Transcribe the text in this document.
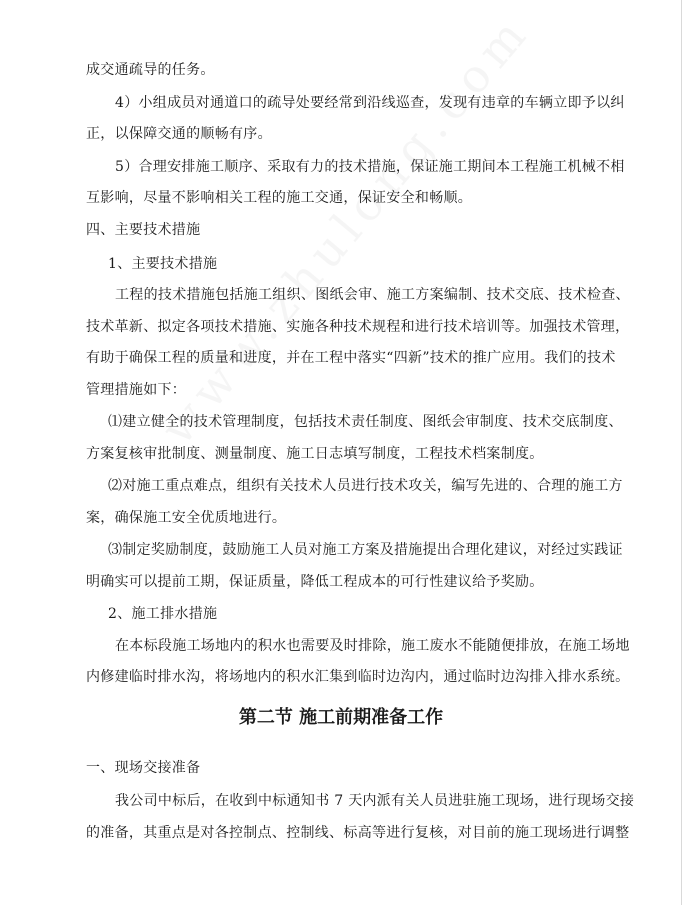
成交通疏导的任务。
4）小组成员对通道口的疏导处要经常到沿线巡查，发现有违章的车辆立即予以纠
正，以保障交通的顺畅有序。
5）合理安排施工顺序、采取有力的技术措施，保证施工期间本工程施工机械不相
互影响，尽量不影响相关工程的施工交通，保证安全和畅顺。
四、主要技术措施
1、主要技术措施
工程的技术措施包括施工组织、图纸会审、施工方案编制、技术交底、技术检查、
技术革新、拟定各项技术措施、实施各种技术规程和进行技术培训等。加强技术管理，
有助于确保工程的质量和进度，并在工程中落实“四新”技术的推广应用。我们的技术
管理措施如下：
⑴建立健全的技术管理制度，包括技术责任制度、图纸会审制度、技术交底制度、
方案复核审批制度、测量制度、施工日志填写制度，工程技术档案制度。
⑵对施工重点难点，组织有关技术人员进行技术攻关，编写先进的、合理的施工方
案，确保施工安全优质地进行。
⑶制定奖励制度，鼓励施工人员对施工方案及措施提出合理化建议，对经过实践证
明确实可以提前工期，保证质量，降低工程成本的可行性建议给予奖励。
2、施工排水措施
在本标段施工场地内的积水也需要及时排除，施工废水不能随便排放，在施工场地
内修建临时排水沟，将场地内的积水汇集到临时边沟内，通过临时边沟排入排水系统。
第二节 施工前期准备工作
一、现场交接准备
我公司中标后，在收到中标通知书 7 天内派有关人员进驻施工现场，进行现场交接
的准备，其重点是对各控制点、控制线、标高等进行复核，对目前的施工现场进行调整
